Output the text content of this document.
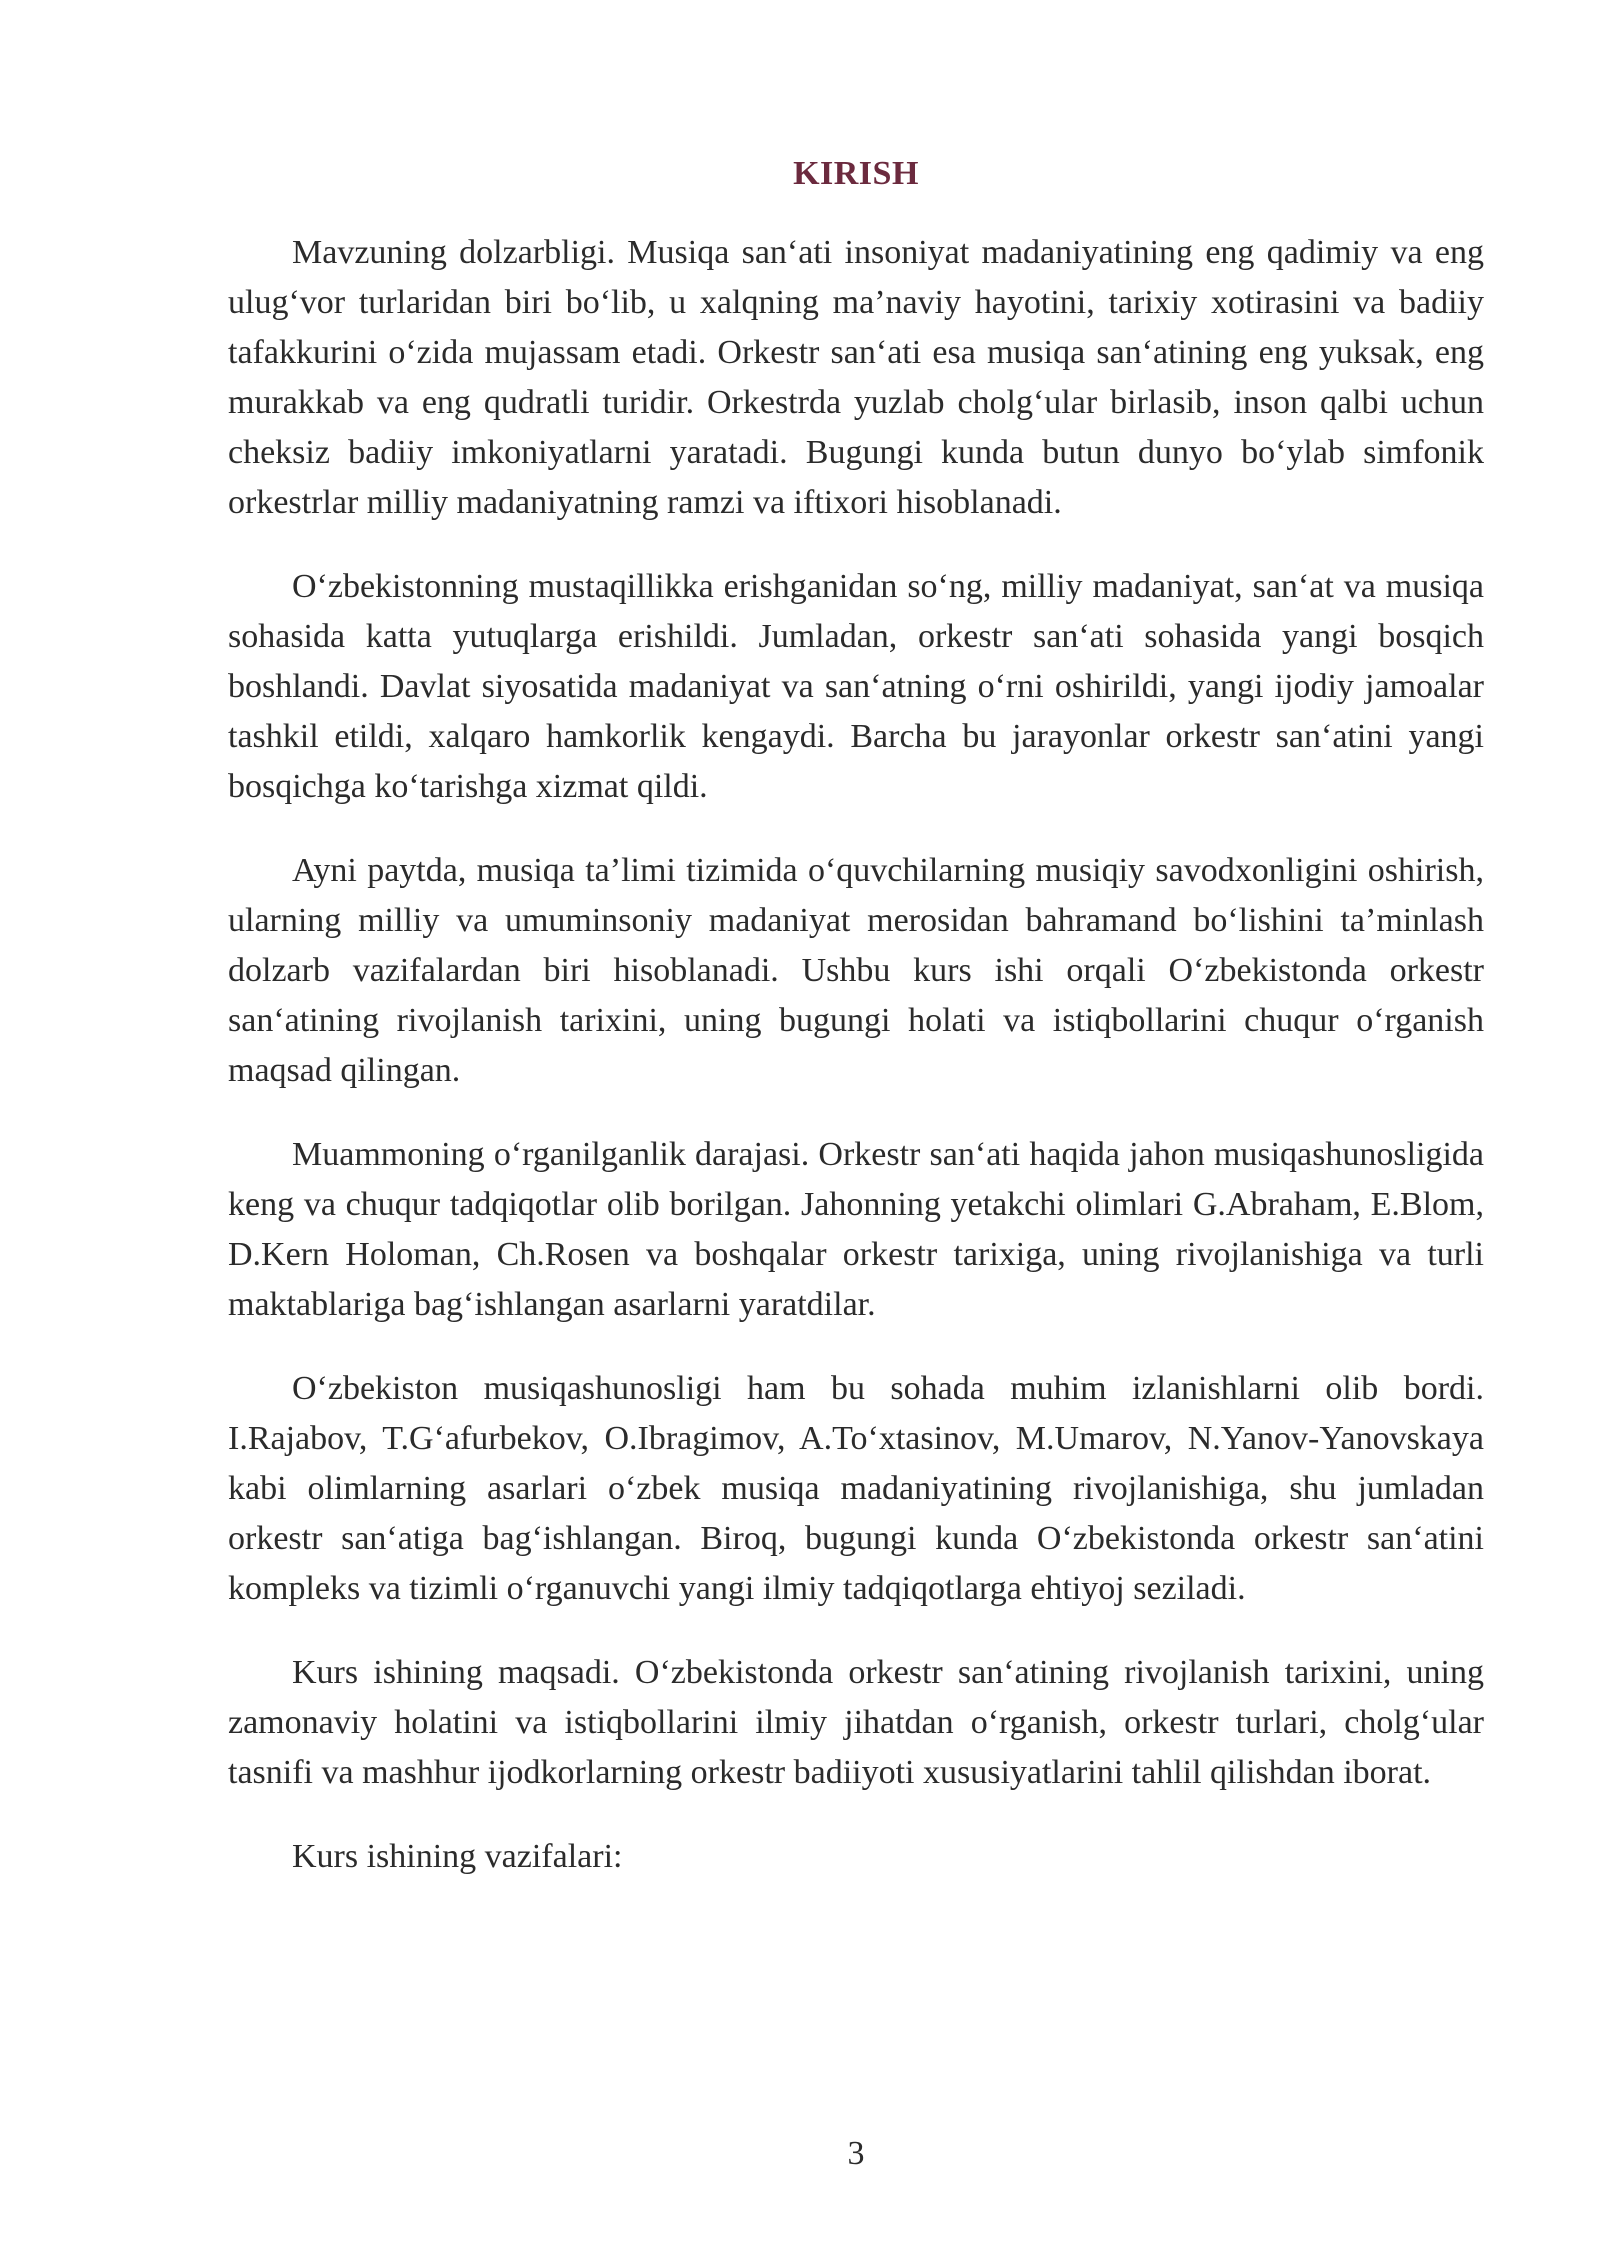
KIRISH

Mavzuning dolzarbligi. Musiqa san‘ati insoniyat madaniyatining eng qadimiy va eng ulug‘vor turlaridan biri bo‘lib, u xalqning ma’naviy hayotini, tarixiy xotirasini va badiiy tafakkurini o‘zida mujassam etadi. Orkestr san‘ati esa musiqa san‘atining eng yuksak, eng murakkab va eng qudratli turidir. Orkestrda yuzlab cholg‘ular birlasib, inson qalbi uchun cheksiz badiiy imkoniyatlarni yaratadi. Bugungi kunda butun dunyo bo‘ylab simfonik orkestrlar milliy madaniyatning ramzi va iftixori hisoblanadi.

O‘zbekistonning mustaqillikka erishganidan so‘ng, milliy madaniyat, san‘at va musiqa sohasida katta yutuqlarga erishildi. Jumladan, orkestr san‘ati sohasida yangi bosqich boshlandi. Davlat siyosatida madaniyat va san‘atning o‘rni oshirildi, yangi ijodiy jamoalar tashkil etildi, xalqaro hamkorlik kengaydi. Barcha bu jarayonlar orkestr san‘atini yangi bosqichga ko‘tarishga xizmat qildi.

Ayni paytda, musiqa ta’limi tizimida o‘quvchilarning musiqiy savodxonligini oshirish, ularning milliy va umuminsoniy madaniyat merosidan bahramand bo‘lishini ta’minlash dolzarb vazifalardan biri hisoblanadi. Ushbu kurs ishi orqali O‘zbekistonda orkestr san‘atining rivojlanish tarixini, uning bugungi holati va istiqbollarini chuqur o‘rganish maqsad qilingan.

Muammoning o‘rganilganlik darajasi. Orkestr san‘ati haqida jahon musiqashunosligida keng va chuqur tadqiqotlar olib borilgan. Jahonning yetakchi olimlari G.Abraham, E.Blom, D.Kern Holoman, Ch.Rosen va boshqalar orkestr tarixiga, uning rivojlanishiga va turli maktablariga bag‘ishlangan asarlarni yaratdilar.

O‘zbekiston musiqashunosligi ham bu sohada muhim izlanishlarni olib bordi. I.Rajabov, T.G‘afurbekov, O.Ibragimov, A.To‘xtasinov, M.Umarov, N.Yanov-Yanovskaya kabi olimlarning asarlari o‘zbek musiqa madaniyatining rivojlanishiga, shu jumladan orkestr san‘atiga bag‘ishlangan. Biroq, bugungi kunda O‘zbekistonda orkestr san‘atini kompleks va tizimli o‘rganuvchi yangi ilmiy tadqiqotlarga ehtiyoj seziladi.

Kurs ishining maqsadi. O‘zbekistonda orkestr san‘atining rivojlanish tarixini, uning zamonaviy holatini va istiqbollarini ilmiy jihatdan o‘rganish, orkestr turlari, cholg‘ular tasnifi va mashhur ijodkorlarning orkestr badiiyoti xususiyatlarini tahlil qilishdan iborat.

Kurs ishining vazifalari:

3
